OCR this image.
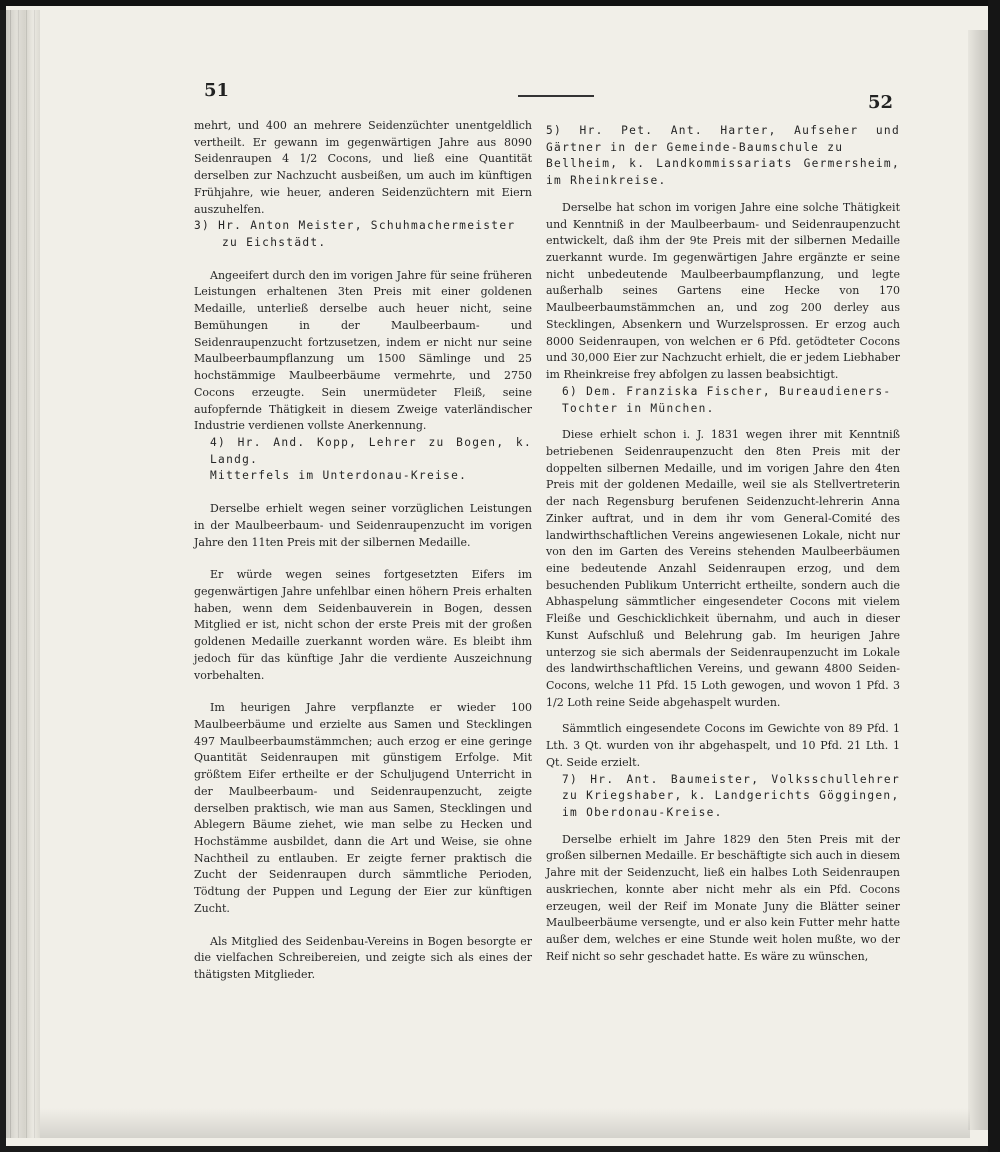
51
52

mehrt, und 400 an mehrere Seidenzüchter unentgeldlich vertheilt. Er gewann im gegenwärtigen Jahre aus 8090 Seidenraupen 4 1/2 Cocons, und ließ eine Quantität derselben zur Nachzucht ausbeißen, um auch im künftigen Frühjahre, wie heuer, anderen Seidenzüchtern mit Eiern auszuhelfen.

3) Hr. Anton Meister, Schuhmachermeister
zu Eichstädt.

Angeeifert durch den im vorigen Jahre für seine früheren Leistungen erhaltenen 3ten Preis mit einer goldenen Medaille, unterließ derselbe auch heuer nicht, seine Bemühungen in der Maulbeerbaum- und Seidenraupenzucht fortzusetzen, indem er nicht nur seine Maulbeerbaumpflanzung um 1500 Sämlinge und 25 hochstämmige Maulbeerbäume vermehrte, und 2750 Cocons erzeugte. Sein unermüdeter Fleiß, seine aufopfernde Thätigkeit in diesem Zweige vaterländischer Industrie verdienen vollste Anerkennung.

4) Hr. And. Kopp, Lehrer zu Bogen, k. Landg.
Mitterfels im Unterdonau-Kreise.

Derselbe erhielt wegen seiner vorzüglichen Leistungen in der Maulbeerbaum- und Seidenraupenzucht im vorigen Jahre den 11ten Preis mit der silbernen Medaille.

Er würde wegen seines fortgesetzten Eifers im gegenwärtigen Jahre unfehlbar einen höhern Preis erhalten haben, wenn dem Seidenbauverein in Bogen, dessen Mitglied er ist, nicht schon der erste Preis mit der großen goldenen Medaille zuerkannt worden wäre. Es bleibt ihm jedoch für das künftige Jahr die verdiente Auszeichnung vorbehalten.

Im heurigen Jahre verpflanzte er wieder 100 Maulbeerbäume und erzielte aus Samen und Stecklingen 497 Maulbeerbaumstämmchen; auch erzog er eine geringe Quantität Seidenraupen mit günstigem Erfolge. Mit größtem Eifer ertheilte er der Schuljugend Unterricht in der Maulbeerbaum- und Seidenraupenzucht, zeigte derselben praktisch, wie man aus Samen, Stecklingen und Ablegern Bäume ziehet, wie man selbe zu Hecken und Hochstämme ausbildet, dann die Art und Weise, sie ohne Nachtheil zu entlauben. Er zeigte ferner praktisch die Zucht der Seidenraupen durch sämmtliche Perioden, Tödtung der Puppen und Legung der Eier zur künftigen Zucht.

Als Mitglied des Seidenbau-Vereins in Bogen besorgte er die vielfachen Schreibereien, und zeigte sich als eines der thätigsten Mitglieder.

5) Hr. Pet. Ant. Harter, Aufseher und Gärtner in der Gemeinde-Baumschule zu
Bellheim, k. Landkommissariats Germersheim, im Rheinkreise.

Derselbe hat schon im vorigen Jahre eine solche Thätigkeit und Kenntniß in der Maulbeerbaum- und Seidenraupenzucht entwickelt, daß ihm der 9te Preis mit der silbernen Medaille zuerkannt wurde. Im gegenwärtigen Jahre ergänzte er seine nicht unbedeutende Maulbeerbaumpflanzung, und legte außerhalb seines Gartens eine Hecke von 170 Maulbeerbaumstämmchen an, und zog 200 derley aus Stecklingen, Absenkern und Wurzelsprossen. Er erzog auch 8000 Seidenraupen, von welchen er 6 Pfd. getödteter Cocons und 30,000 Eier zur Nachzucht erhielt, die er jedem Liebhaber im Rheinkreise frey abfolgen zu lassen beabsichtigt.

6) Dem. Franziska Fischer, Bureaudieners-
Tochter in München.

Diese erhielt schon i. J. 1831 wegen ihrer mit Kenntniß betriebenen Seidenraupenzucht den 8ten Preis mit der doppelten silbernen Medaille, und im vorigen Jahre den 4ten Preis mit der goldenen Medaille, weil sie als Stellvertreterin der nach Regensburg berufenen Seidenzucht-lehrerin Anna Zinker auftrat, und in dem ihr vom General-Comité des landwirthschaftlichen Vereins angewiesenen Lokale, nicht nur von den im Garten des Vereins stehenden Maulbeerbäumen eine bedeutende Anzahl Seidenraupen erzog, und dem besuchenden Publikum Unterricht ertheilte, sondern auch die Abhaspelung sämmtlicher eingesendeter Cocons mit vielem Fleiße und Geschicklichkeit übernahm, und auch in dieser Kunst Aufschluß und Belehrung gab. Im heurigen Jahre unterzog sie sich abermals der Seidenraupenzucht im Lokale des landwirthschaftlichen Vereins, und gewann 4800 Seiden-Cocons, welche 11 Pfd. 15 Loth gewogen, und wovon 1 Pfd. 3 1/2 Loth reine Seide abgehaspelt wurden.

Sämmtlich eingesendete Cocons im Gewichte von 89 Pfd. 1 Lth. 3 Qt. wurden von ihr abgehaspelt, und 10 Pfd. 21 Lth. 1 Qt. Seide erzielt.

7) Hr. Ant. Baumeister, Volksschullehrer zu Kriegshaber, k. Landgerichts Göggingen,
im Oberdonau-Kreise.

Derselbe erhielt im Jahre 1829 den 5ten Preis mit der großen silbernen Medaille. Er beschäftigte sich auch in diesem Jahre mit der Seidenzucht, ließ ein halbes Loth Seidenraupen auskriechen, konnte aber nicht mehr als ein Pfd. Cocons erzeugen, weil der Reif im Monate Juny die Blätter seiner Maulbeerbäume versengte, und er also kein Futter mehr hatte außer dem, welches er eine Stunde weit holen mußte, wo der Reif nicht so sehr geschadet hatte. Es wäre zu wünschen,
